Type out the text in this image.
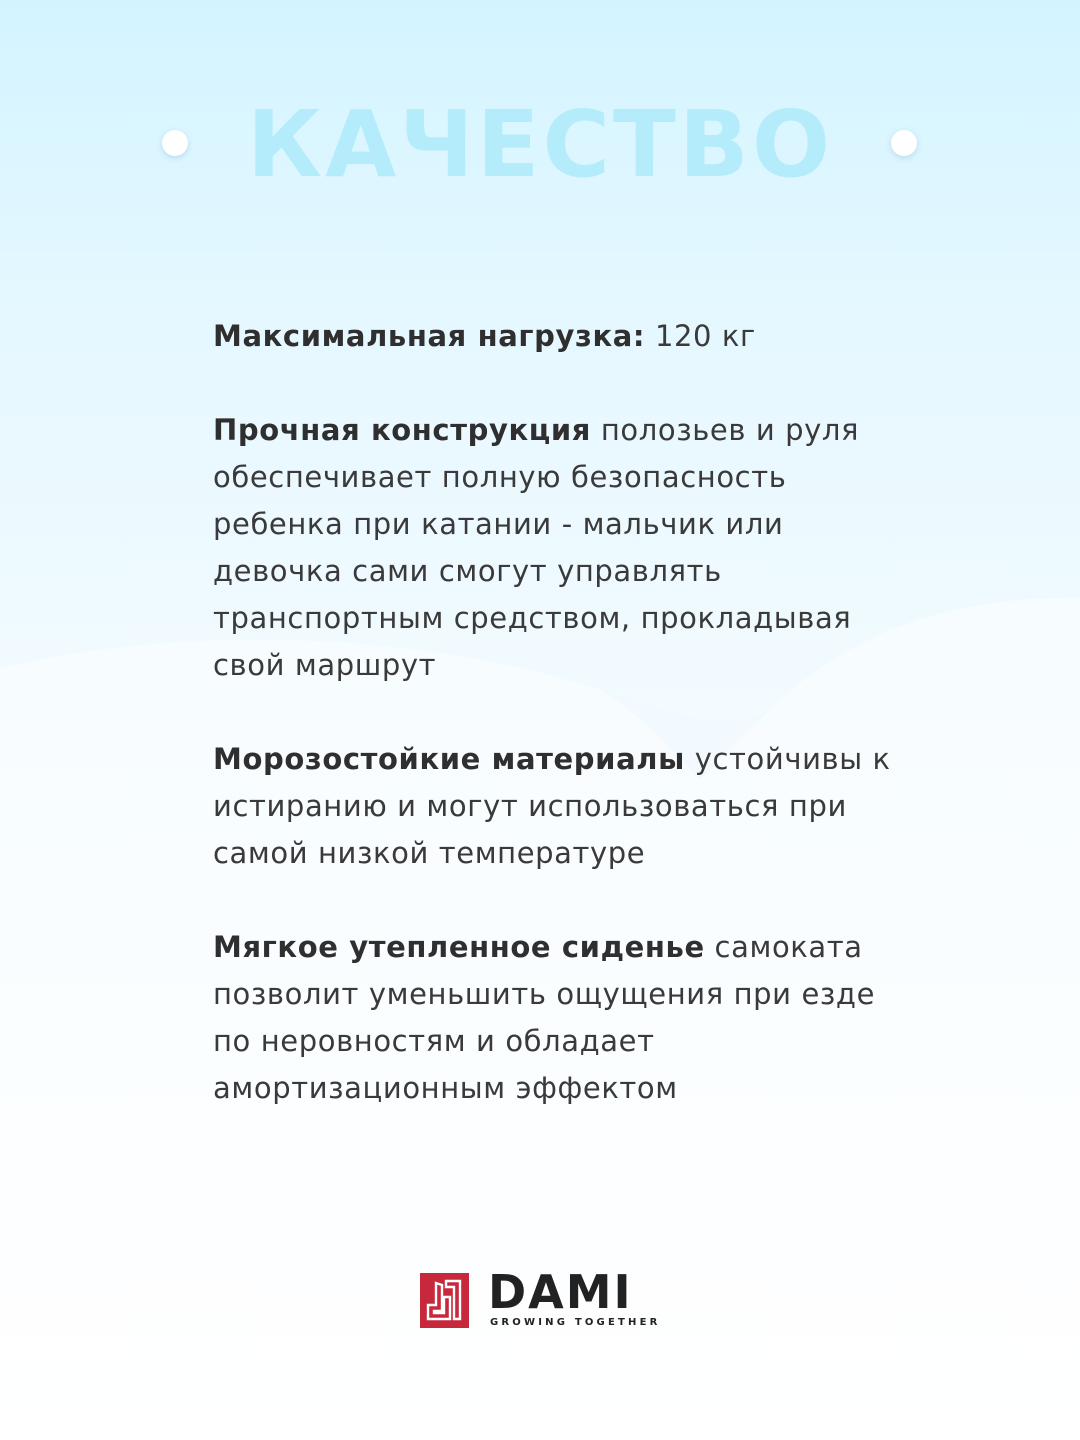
КАЧЕСТВО

Максимальная нагрузка: 120 кг

Прочная конструкция полозьев и руля обеспечивает полную безопасность ребенка при катании - мальчик или девочка сами смогут управлять транспортным средством, прокладывая свой маршрут

Морозостойкие материалы устойчивы к истиранию и могут использоваться при самой низкой температуре

Мягкое утепленное сиденье самоката позволит уменьшить ощущения при езде по неровностям и обладает амортизационным эффектом

DAMI
GROWING TOGETHER
